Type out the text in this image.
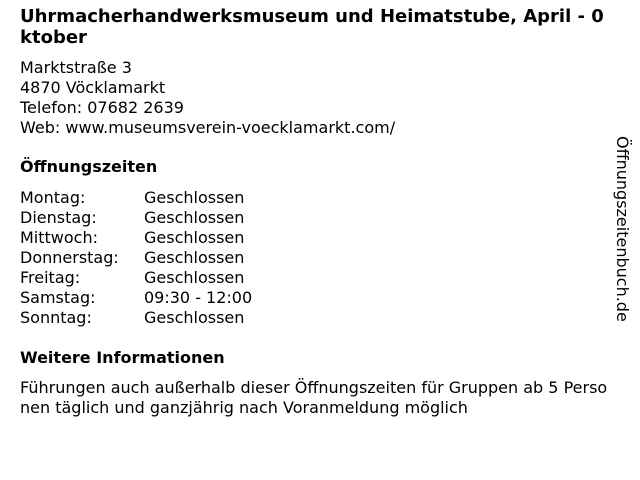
Uhrmacherhandwerksmuseum und Heimatstube, April - 0ktober
Marktstraße 3
4870 Vöcklamarkt
Telefon: 07682 2639
Web: www.museumsverein-voecklamarkt.com/
Öffnungszeiten
Montag:	Geschlossen
Dienstag:	Geschlossen
Mittwoch:	Geschlossen
Donnerstag:	Geschlossen
Freitag:	Geschlossen
Samstag:	09:30 - 12:00
Sonntag:	Geschlossen
Weitere Informationen
Führungen auch außerhalb dieser Öffnungszeiten für Gruppen ab 5 Personen täglich und ganzjährig nach Voranmeldung möglich
Öffnungszeitenbuch.de
